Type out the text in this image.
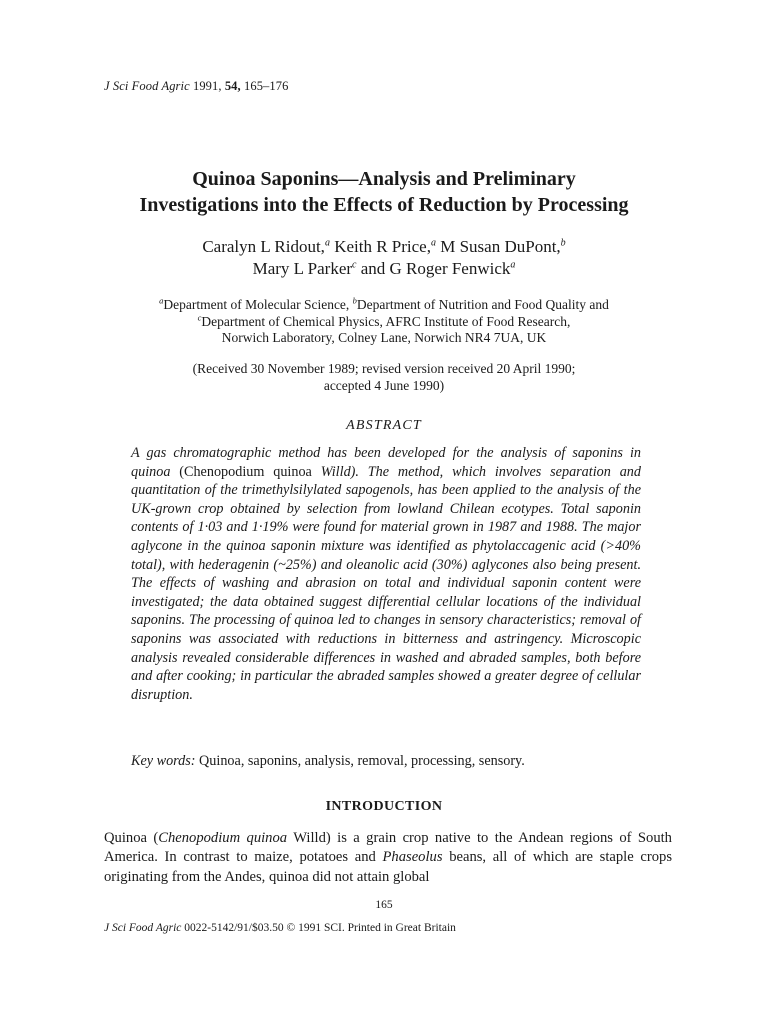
J Sci Food Agric 1991, 54, 165–176
Quinoa Saponins—Analysis and Preliminary
Investigations into the Effects of Reduction by Processing
Caralyn L Ridout,$^a$ Keith R Price,$^a$ M Susan DuPont,$^b$
Mary L Parker$^c$ and G Roger Fenwick$^a$
$^a$Department of Molecular Science, $^b$Department of Nutrition and Food Quality and
$^c$Department of Chemical Physics, AFRC Institute of Food Research,
Norwich Laboratory, Colney Lane, Norwich NR4 7UA, UK
(Received 30 November 1989; revised version received 20 April 1990;
accepted 4 June 1990)
ABSTRACT
A gas chromatographic method has been developed for the analysis of saponins in quinoa (Chenopodium quinoa Willd). The method, which involves separation and quantitation of the trimethylsilylated sapogenols, has been applied to the analysis of the UK-grown crop obtained by selection from lowland Chilean ecotypes. Total saponin contents of 1·03 and 1·19% were found for material grown in 1987 and 1988. The major aglycone in the quinoa saponin mixture was identified as phytolaccagenic acid (>40% total), with hederagenin (~25%) and oleanolic acid (30%) aglycones also being present. The effects of washing and abrasion on total and individual saponin content were investigated; the data obtained suggest differential cellular locations of the individual saponins. The processing of quinoa led to changes in sensory characteristics; removal of saponins was associated with reductions in bitterness and astringency. Microscopic analysis revealed considerable differences in washed and abraded samples, both before and after cooking; in particular the abraded samples showed a greater degree of cellular disruption.
Key words: Quinoa, saponins, analysis, removal, processing, sensory.
INTRODUCTION
Quinoa (Chenopodium quinoa Willd) is a grain crop native to the Andean regions of South America. In contrast to maize, potatoes and Phaseolus beans, all of which are staple crops originating from the Andes, quinoa did not attain global
165
J Sci Food Agric 0022-5142/91/$03.50 © 1991 SCI. Printed in Great Britain
